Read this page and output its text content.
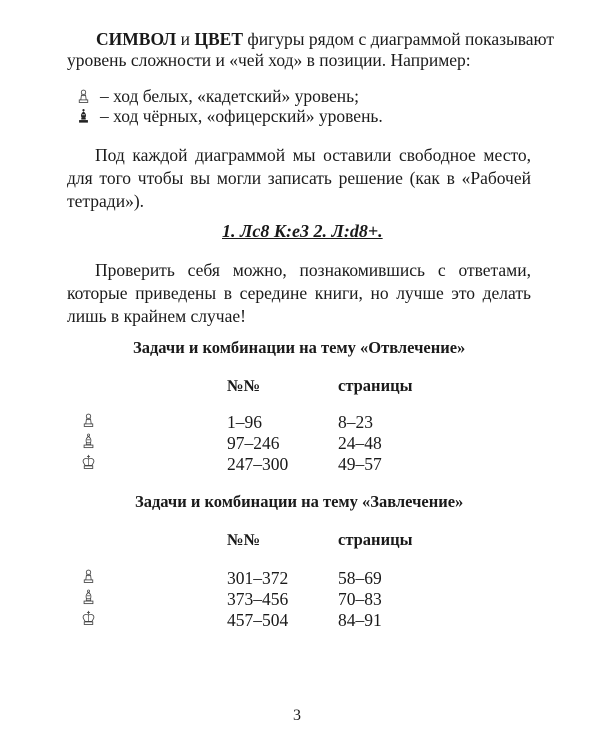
СИМВОЛ и ЦВЕТ фигуры рядом с диаграммой показывают
уровень сложности и «чей ход» в позиции. Например:
– ход белых, «кадетский» уровень;
– ход чёрных, «офицерский» уровень.
Под каждой диаграммой мы оставили свободное место, для того чтобы вы могли записать решение (как в «Рабочей тетради»).
1. Лс8 К:e3 2. Л:d8+.
Проверить себя можно, познакомившись с ответами, которые приведены в середине книги, но лучше это делать лишь в крайнем случае!
Задачи и комбинации на тему «Отвлечение»
№№	страницы
1–96	8–23
97–246	24–48
247–300	49–57
Задачи и комбинации на тему «Завлечение»
№№	страницы
301–372	58–69
373–456	70–83
457–504	84–91
3
